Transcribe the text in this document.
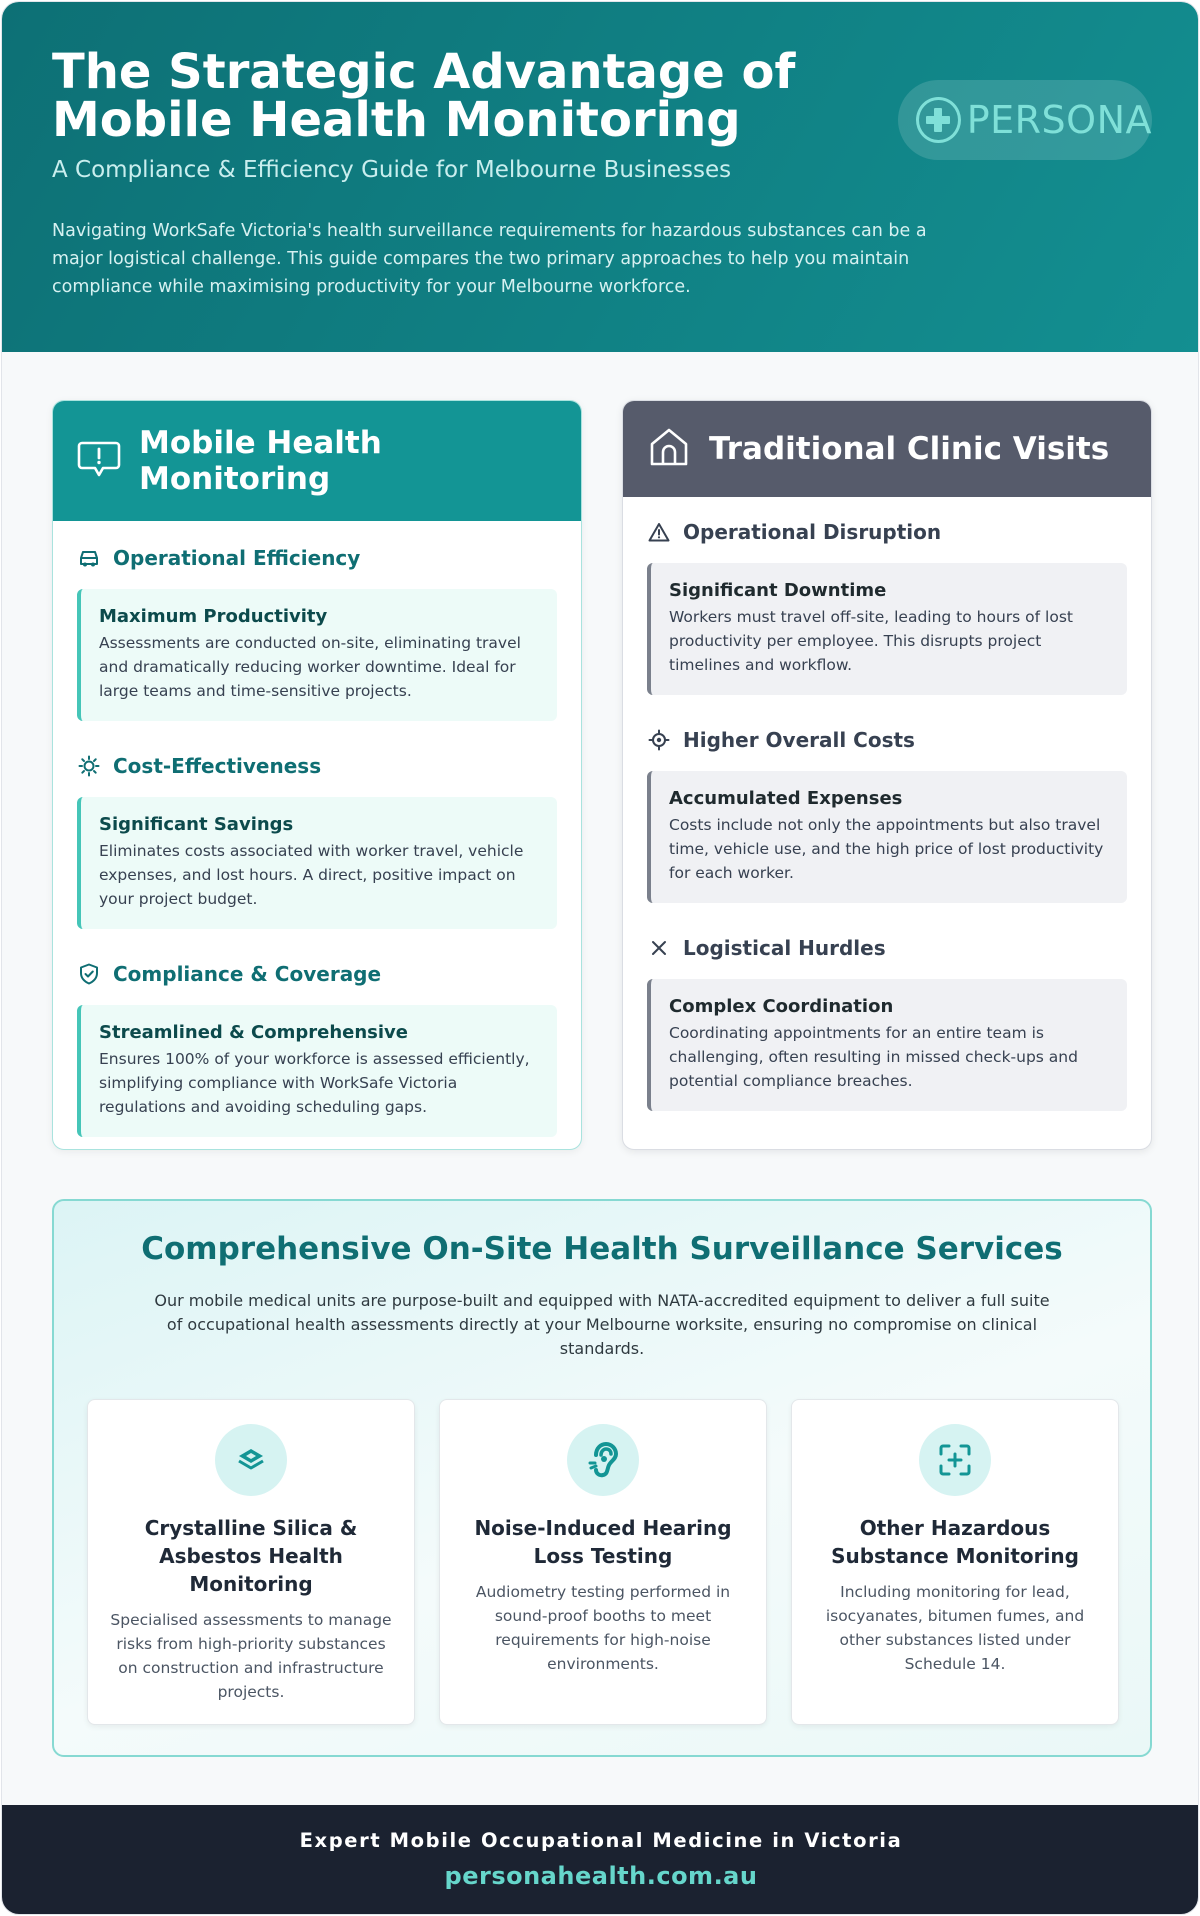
The Strategic Advantage of Mobile Health Monitoring
A Compliance & Efficiency Guide for Melbourne Businesses
Navigating WorkSafe Victoria's health surveillance requirements for hazardous substances can be a major logistical challenge. This guide compares the two primary approaches to help you maintain compliance while maximising productivity for your Melbourne workforce.
PERSONA
Mobile Health Monitoring
Operational Efficiency
Maximum Productivity
Assessments are conducted on-site, eliminating travel and dramatically reducing worker downtime. Ideal for large teams and time-sensitive projects.
Cost-Effectiveness
Significant Savings
Eliminates costs associated with worker travel, vehicle expenses, and lost hours. A direct, positive impact on your project budget.
Compliance & Coverage
Streamlined & Comprehensive
Ensures 100% of your workforce is assessed efficiently, simplifying compliance with WorkSafe Victoria regulations and avoiding scheduling gaps.
Traditional Clinic Visits
Operational Disruption
Significant Downtime
Workers must travel off-site, leading to hours of lost productivity per employee. This disrupts project timelines and workflow.
Higher Overall Costs
Accumulated Expenses
Costs include not only the appointments but also travel time, vehicle use, and the high price of lost productivity for each worker.
Logistical Hurdles
Complex Coordination
Coordinating appointments for an entire team is challenging, often resulting in missed check-ups and potential compliance breaches.
Comprehensive On-Site Health Surveillance Services
Our mobile medical units are purpose-built and equipped with NATA-accredited equipment to deliver a full suite of occupational health assessments directly at your Melbourne worksite, ensuring no compromise on clinical standards.
Crystalline Silica & Asbestos Health Monitoring
Specialised assessments to manage risks from high-priority substances on construction and infrastructure projects.
Noise-Induced Hearing Loss Testing
Audiometry testing performed in sound-proof booths to meet requirements for high-noise environments.
Other Hazardous Substance Monitoring
Including monitoring for lead, isocyanates, bitumen fumes, and other substances listed under Schedule 14.
Expert Mobile Occupational Medicine in Victoria
personahealth.com.au
